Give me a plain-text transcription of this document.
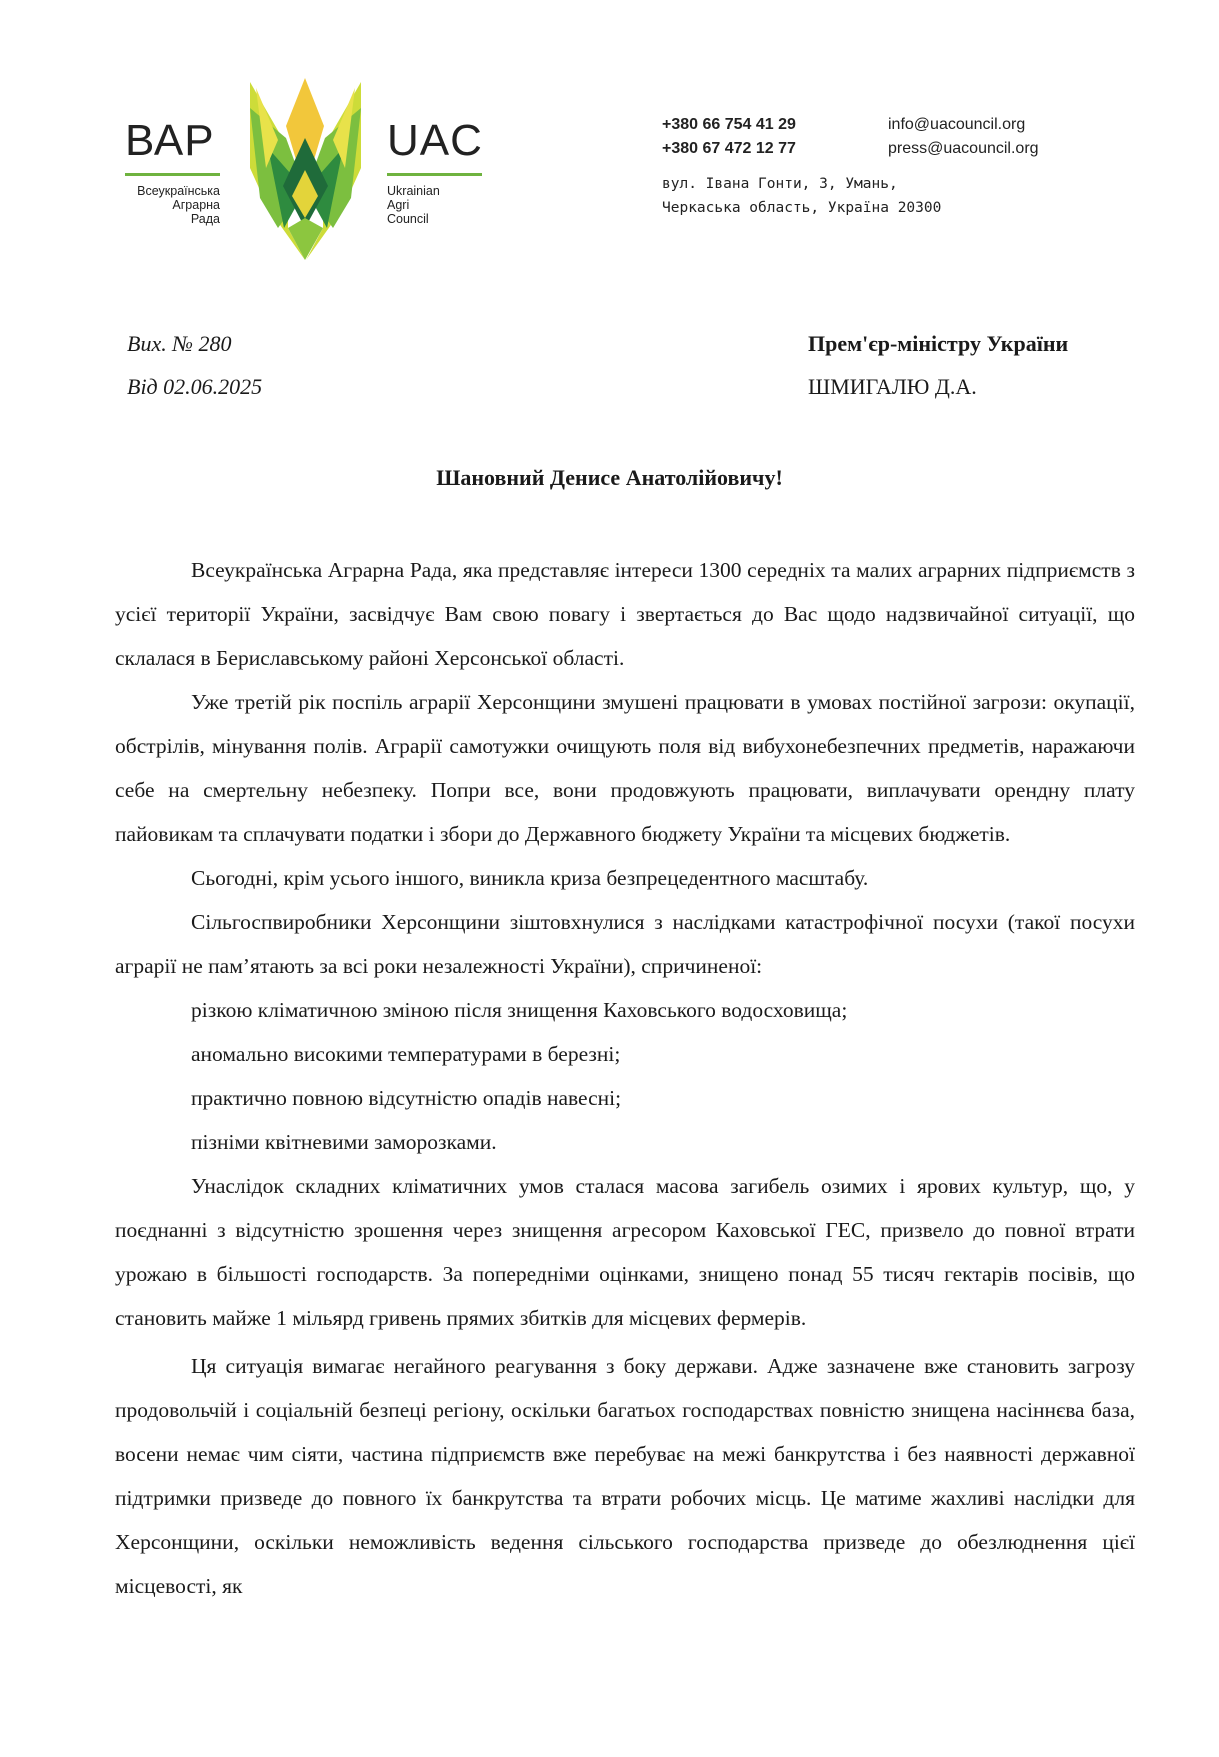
ВАР
Всеукраїнська
Аграрна
Рада
UAC
Ukrainian
Agri
Council
+380 66 754 41 29
+380 67 472 12 77
info@uacouncil.org
press@uacouncil.org
вул. Івана Гонти, 3, Умань,
Черкаська область, Україна 20300
Вих. № 280
Від 02.06.2025
Прем'єр-міністру України
ШМИГАЛЮ Д.А.
Шановний Денисе Анатолійовичу!

Всеукраїнська Аграрна Рада, яка представляє інтереси 1300 середніх та малих аграрних підприємств з усієї території України, засвідчує Вам свою повагу і звертається до Вас щодо надзвичайної ситуації, що склалася в Бериславському районі Херсонської області.

Уже третій рік поспіль аграрії Херсонщини змушені працювати в умовах постійної загрози: окупації, обстрілів, мінування полів. Аграрії самотужки очищують поля від вибухонебезпечних предметів, наражаючи себе на смертельну небезпеку. Попри все, вони продовжують працювати, виплачувати орендну плату пайовикам та сплачувати податки і збори до Державного бюджету України та місцевих бюджетів.

Сьогодні, крім усього іншого, виникла криза безпрецедентного масштабу.

Сільгоспвиробники Херсонщини зіштовхнулися з наслідками катастрофічної посухи (такої посухи аграрії не пам’ятають за всі роки незалежності України), спричиненої:

різкою кліматичною зміною після знищення Каховського водосховища;

аномально високими температурами в березні;

практично повною відсутністю опадів навесні;

пізніми квітневими заморозками.

Унаслідок складних кліматичних умов сталася масова загибель озимих і ярових культур, що, у поєднанні з відсутністю зрошення через знищення агресором Каховської ГЕС, призвело до повної втрати урожаю в більшості господарств. За попередніми оцінками, знищено понад 55 тисяч гектарів посівів, що становить майже 1 мільярд гривень прямих збитків для місцевих фермерів.

Ця ситуація вимагає негайного реагування з боку держави. Адже зазначене вже становить загрозу продовольчій і соціальній безпеці регіону, оскільки багатьох господарствах повністю знищена насіннєва база, восени немає чим сіяти, частина підприємств вже перебуває на межі банкрутства і без наявності державної підтримки призведе до повного їх банкрутства та втрати робочих місць. Це матиме жахливі наслідки для Херсонщини, оскільки неможливість ведення сільського господарства призведе до обезлюднення цієї місцевості, як
